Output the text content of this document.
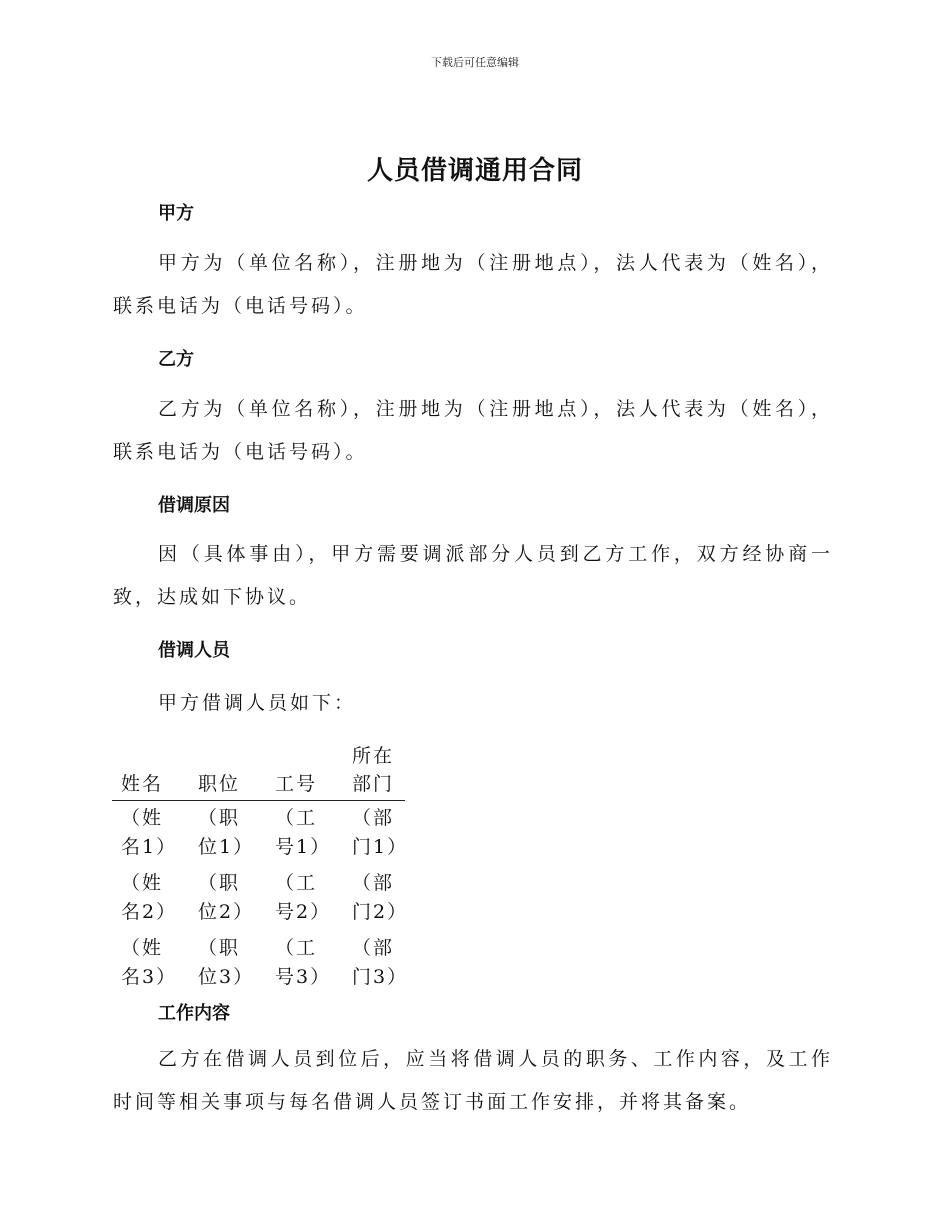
下载后可任意编辑
人员借调通用合同
甲方
甲方为（单位名称），注册地为（注册地点），法人代表为（姓名），联系电话为（电话号码）。
乙方
乙方为（单位名称），注册地为（注册地点），法人代表为（姓名），联系电话为（电话号码）。
借调原因
因（具体事由），甲方需要调派部分人员到乙方工作，双方经协商一致，达成如下协议。
借调人员
甲方借调人员如下：
姓名	职位	工号	所在部门

（姓名1）	（职位1）	（工号1）	（部门1）

（姓名2）	（职位2）	（工号2）	（部门2）

（姓名3）	（职位3）	（工号3）	（部门3）
工作内容
乙方在借调人员到位后，应当将借调人员的职务、工作内容，及工作时间等相关事项与每名借调人员签订书面工作安排，并将其备案。
